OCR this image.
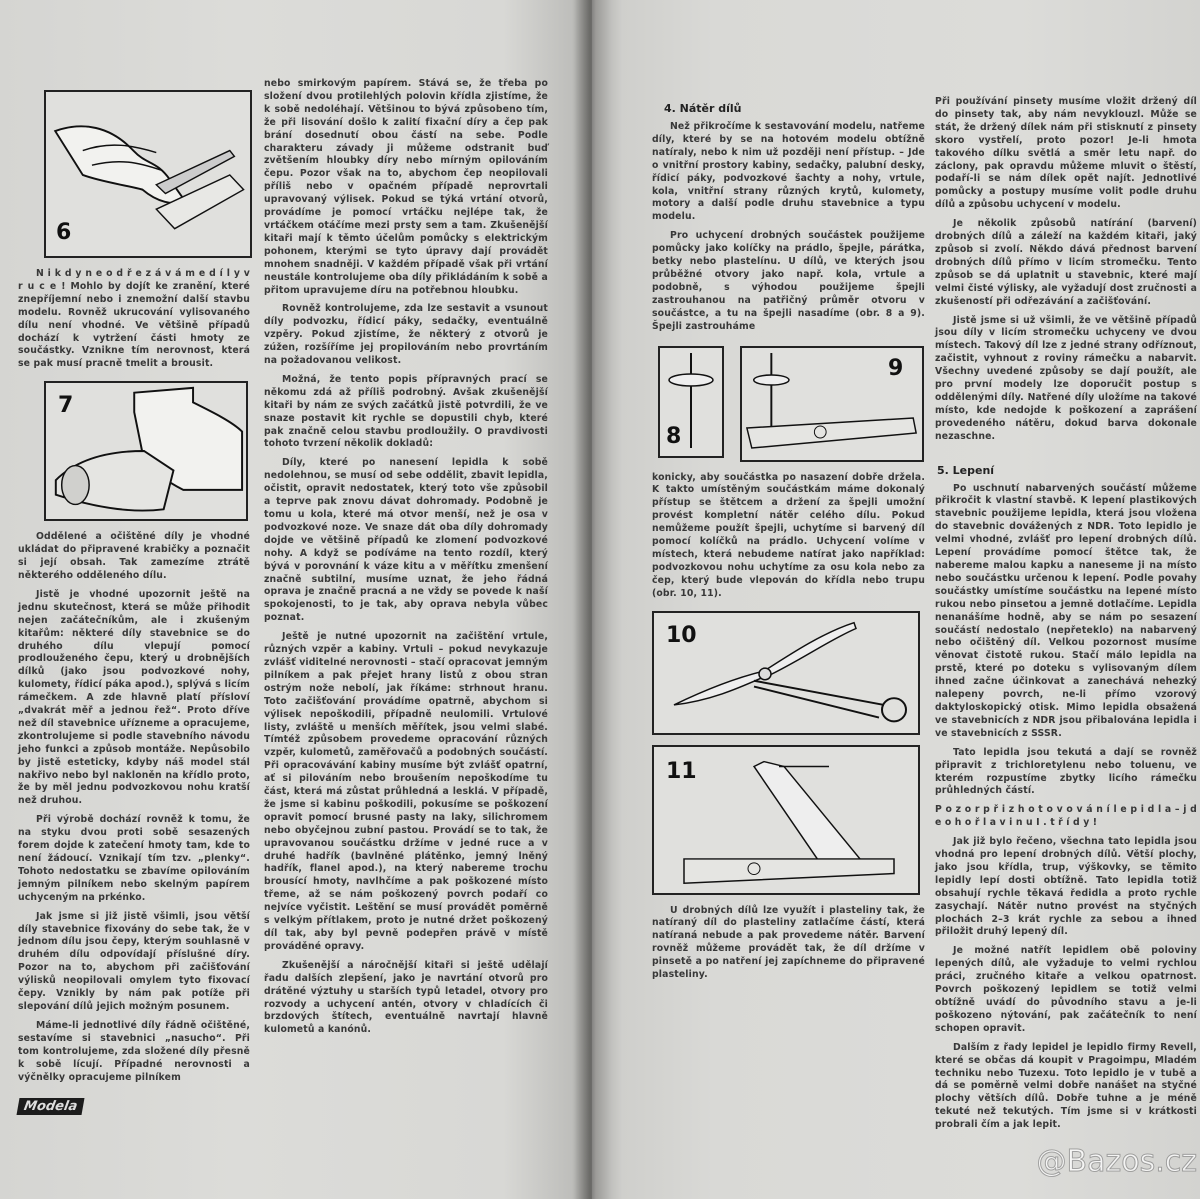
6

N i k d y n e o d ř e z á v á m e d í l y v r u c e ! Mohlo by dojít ke zranění, které znepříjemní nebo i znemožní další stavbu modelu. Rovněž ukrucování vylisovaného dílu není vhodné. Ve většině případů dochází k vytržení části hmoty ze součástky. Vznikne tím nerovnost, která se pak musí pracně tmelit a brousit.

7

Oddělené a očištěné díly je vhodné ukládat do připravené krabičky a poznačit si její obsah. Tak zamezíme ztrátě některého odděleného dílu.

Jistě je vhodné upozornit ještě na jednu skutečnost, která se může přihodit nejen začátečníkům, ale i zkušeným kitařům: některé díly stavebnice se do druhého dílu vlepují pomocí prodlouženého čepu, který u drobnějších dílků (jako jsou podvozkové nohy, kulomety, řídicí páka apod.), splývá s licím rámečkem. A zde hlavně platí přísloví „dvakrát měř a jednou řež“. Proto dříve než díl stavebnice uřízneme a opracujeme, zkontrolujeme si podle stavebního návodu jeho funkci a způsob montáže. Nepůsobilo by jistě esteticky, kdyby náš model stál nakřivo nebo byl nakloněn na křídlo proto, že by měl jednu podvozkovou nohu kratší než druhou.

Při výrobě dochází rovněž k tomu, že na styku dvou proti sobě sesazených forem dojde k zatečení hmoty tam, kde to není žádoucí. Vznikají tím tzv. „plenky“. Tohoto nedostatku se zbavíme opilováním jemným pilníkem nebo skelným papírem uchyceným na prkénko.

Jak jsme si již jistě všimli, jsou větší díly stavebnice fixovány do sebe tak, že v jednom dílu jsou čepy, kterým souhlasně v druhém dílu odpovídají příslušné díry. Pozor na to, abychom při začišťování výlisků neopilovali omylem tyto fixovací čepy. Vznikly by nám pak potíže při slepování dílů jejich možným posunem.

Máme-li jednotlivé díly řádně očištěné, sestavíme si stavebnici „nasucho“. Při tom kontrolujeme, zda složené díly přesně k sobě lícují. Případné nerovnosti a výčnělky opracujeme pilníkem

Modela

nebo smirkovým papírem. Stává se, že třeba po složení dvou protilehlých polovin křídla zjistíme, že k sobě nedoléhají. Většinou to bývá způsobeno tím, že při lisování došlo k zalití fixační díry a čep pak brání dosednutí obou částí na sebe. Podle charakteru závady ji můžeme odstranit buď zvětšením hloubky díry nebo mírným opilováním čepu. Pozor však na to, abychom čep neopilovali příliš nebo v opačném případě neprovrtali upravovaný výlisek. Pokud se týká vrtání otvorů, provádíme je pomocí vrtáčku nejlépe tak, že vrtáčkem otáčíme mezi prsty sem a tam. Zkušenější kitaři mají k těmto účelům pomůcky s elektrickým pohonem, kterými se tyto úpravy dají provádět mnohem snadněji. V každém případě však při vrtání neustále kontrolujeme oba díly přikládáním k sobě a přitom upravujeme díru na potřebnou hloubku.

Rovněž kontrolujeme, zda lze sestavit a vsunout díly podvozku, řídicí páky, sedačky, eventuálně vzpěry. Pokud zjistíme, že některý z otvorů je zúžen, rozšíříme jej propilováním nebo provrtáním na požadovanou velikost.

Možná, že tento popis přípravných prací se někomu zdá až příliš podrobný. Avšak zkušenější kitaři by nám ze svých začátků jistě potvrdili, že ve snaze postavit kit rychle se dopustili chyb, které pak značně celou stavbu prodloužily. O pravdivosti tohoto tvrzení několik dokladů:

Díly, které po nanesení lepidla k sobě nedolehnou, se musí od sebe oddělit, zbavit lepidla, očistit, opravit nedostatek, který toto vše způsobil a teprve pak znovu dávat dohromady. Podobně je tomu u kola, které má otvor menší, než je osa v podvozkové noze. Ve snaze dát oba díly dohromady dojde ve většině případů ke zlomení podvozkové nohy. A když se podíváme na tento rozdíl, který bývá v porovnání k váze kitu a v měřítku zmenšení značně subtilní, musíme uznat, že jeho řádná oprava je značně pracná a ne vždy se povede k naší spokojenosti, to je tak, aby oprava nebyla vůbec poznat.

Ještě je nutné upozornit na začištění vrtule, různých vzpěr a kabiny. Vrtuli – pokud nevykazuje zvlášť viditelné nerovnosti – stačí opracovat jemným pilníkem a pak přejet hrany listů z obou stran ostrým nože nebolí, jak říkáme: strhnout hranu. Toto začišťování provádíme opatrně, abychom si výlisek nepoškodili, případně neulomili. Vrtulové listy, zvláště u menších měřítek, jsou velmi slabé. Tímtéž způsobem provedeme opracování různých vzpěr, kulometů, zaměřovačů a podobných součástí. Při opracovávání kabiny musíme být zvlášť opatrní, ať si pilováním nebo broušením nepoškodíme tu část, která má zůstat průhledná a lesklá. V případě, že jsme si kabinu poškodili, pokusíme se poškození opravit pomocí brusné pasty na laky, silichromem nebo obyčejnou zubní pastou. Provádí se to tak, že upravovanou součástku držíme v jedné ruce a v druhé hadřík (bavlněné plátěnko, jemný lněný hadřík, flanel apod.), na který nabereme trochu brousící hmoty, navlhčíme a pak poškozené místo třeme, až se nám poškozený povrch podaří co nejvíce vyčistit. Leštění se musí provádět poměrně s velkým přítlakem, proto je nutné držet poškozený díl tak, aby byl pevně podepřen právě v místě prováděné opravy.

Zkušenější a náročnější kitaři si ještě udělají řadu dalších zlepšení, jako je navrtání otvorů pro drátěné výztuhy u starších typů letadel, otvory pro rozvody a uchycení antén, otvory v chladících či brzdových štítech, eventuálně navrtají hlavně kulometů a kanónů.

4. Nátěr dílů

Než přikročíme k sestavování modelu, natřeme díly, které by se na hotovém modelu obtížně natíraly, nebo k nim už později není přístup. – Jde o vnitřní prostory kabiny, sedačky, palubní desky, řídicí páky, podvozkové šachty a nohy, vrtule, kola, vnitřní strany různých krytů, kulomety, motory a další podle druhu stavebnice a typu modelu.

Pro uchycení drobných součástek použijeme pomůcky jako kolíčky na prádlo, špejle, párátka, betky nebo plastelínu. U dílů, ve kterých jsou průběžné otvory jako např. kola, vrtule a podobně, s výhodou použijeme špejli zastrouhanou na patřičný průměr otvoru v součástce, a tu na špejli nasadíme (obr. 8 a 9). Špejli zastrouháme

8
9

konicky, aby součástka po nasazení dobře držela. K takto umístěným součástkám máme dokonalý přístup se štětcem a držení za špejli umožní provést kompletní nátěr celého dílu. Pokud nemůžeme použít špejli, uchytíme si barvený díl pomocí kolíčků na prádlo. Uchycení volíme v místech, která nebudeme natírat jako například: podvozkovou nohu uchytíme za osu kola nebo za čep, který bude vlepován do křídla nebo trupu (obr. 10, 11).

10
11

U drobných dílů lze využít i plasteliny tak, že natíraný díl do plasteliny zatlačíme částí, která natíraná nebude a pak provedeme nátěr. Barvení rovněž můžeme provádět tak, že díl držíme v pinsetě a po natření jej zapíchneme do připravené plasteliny.

Při používání pinsety musíme vložit držený díl do pinsety tak, aby nám nevyklouzl. Může se stát, že držený dílek nám při stisknutí z pinsety skoro vystřelí, proto pozor! Je-li hmota takového dílku světlá a směr letu např. do záclony, pak opravdu můžeme mluvit o štěstí, podaří-li se nám dílek opět najít. Jednotlivé pomůcky a postupy musíme volit podle druhu dílů a způsobu uchycení v modelu.

Je několik způsobů natírání (barvení) drobných dílů a záleží na každém kitaři, jaký způsob si zvolí. Někdo dává přednost barvení drobných dílů přímo v licím stromečku. Tento způsob se dá uplatnit u stavebnic, které mají velmi čisté výlisky, ale vyžadují dost zručnosti a zkušeností při odřezávání a začišťování.

Jistě jsme si už všimli, že ve většině případů jsou díly v licím stromečku uchyceny ve dvou místech. Takový díl lze z jedné strany odříznout, začistit, vyhnout z roviny rámečku a nabarvit. Všechny uvedené způsoby se dají použít, ale pro první modely lze doporučit postup s oddělenými díly. Natřené díly uložíme na takové místo, kde nedojde k poškození a zaprášení provedeného nátěru, dokud barva dokonale nezaschne.

5. Lepení

Po uschnutí nabarvených součástí můžeme přikročit k vlastní stavbě. K lepení plastikových stavebnic použijeme lepidla, která jsou vložena do stavebnic dovážených z NDR. Toto lepidlo je velmi vhodné, zvlášť pro lepení drobných dílů. Lepení provádíme pomocí štětce tak, že nabereme malou kapku a naneseme ji na místo nebo součástku určenou k lepení. Podle povahy součástky umístíme součástku na lepené místo rukou nebo pinsetou a jemně dotlačíme. Lepidla nenanášíme hodně, aby se nám po sesazení součástí nedostalo (nepřeteklo) na nabarvený nebo očištěný díl. Velkou pozornost musíme věnovat čistotě rukou. Stačí málo lepidla na prstě, které po doteku s vylisovaným dílem ihned začne účinkovat a zanechává nehezký nalepeny povrch, ne-li přímo vzorový daktyloskopický otisk. Mimo lepidla obsažená ve stavebnicích z NDR jsou přibalována lepidla i ve stavebnicích z SSSR.

Tato lepidla jsou tekutá a dají se rovněž připravit z trichloretylenu nebo toluenu, ve kterém rozpustíme zbytky licího rámečku průhledných částí.

P o z o r p ř i z h o t o v o v á n í l e p i d l a – j d e o h o ř l a v i n u I . t ř í d y !

Jak již bylo řečeno, všechna tato lepidla jsou vhodná pro lepení drobných dílů. Větší plochy, jako jsou křídla, trup, výškovky, se těmito lepidly lepí dosti obtížně. Tato lepidla totiž obsahují rychle těkavá ředidla a proto rychle zasychají. Nátěr nutno provést na styčných plochách 2–3 krát rychle za sebou a ihned přiložit druhý lepený díl.

Je možné natřít lepidlem obě poloviny lepených dílů, ale vyžaduje to velmi rychlou práci, zručného kitaře a velkou opatrnost. Povrch poškozený lepidlem se totiž velmi obtížně uvádí do původního stavu a je-li poškozeno nýtování, pak začátečník to není schopen opravit.

Dalším z řady lepidel je lepidlo firmy Revell, které se občas dá koupit v Pragoimpu, Mladém techniku nebo Tuzexu. Toto lepidlo je v tubě a dá se poměrně velmi dobře nanášet na styčné plochy větších dílů. Dobře tuhne a je méně tekuté než tekutých. Tím jsme si v krátkosti probrali čím a jak lepit.

@Bazos.cz
